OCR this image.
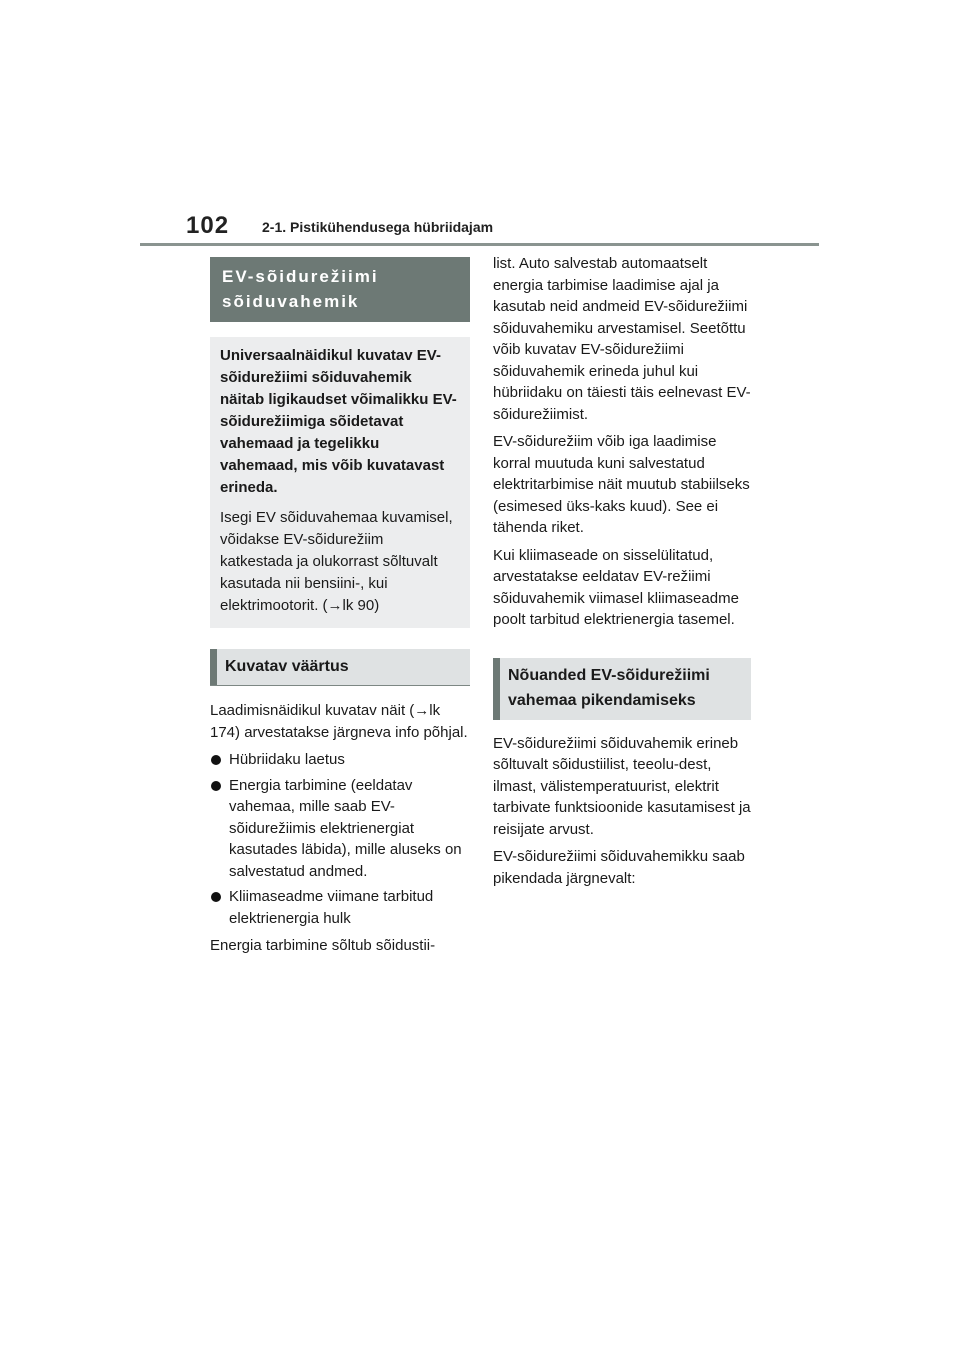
102 2-1. Pistikühendusega hübriidajam
EV-sõidurežiimi sõiduvahemik

Universaalnäidikul kuvatav EV-sõidurežiimi sõiduvahemik näitab ligikaudset võimalikku EV-sõidurežiimiga sõidetavat vahemaad ja tegelikku vahemaad, mis võib kuvatavast erineda.

Isegi EV sõiduvahemaa kuvamisel, võidakse EV-sõidurežiim katkestada ja olukorrast sõltuvalt kasutada nii bensiini-, kui elektrimootorit. (→lk 90)

Kuvatav väärtus

Laadimisnäidikul kuvatav näit (→lk 174) arvestatakse järgneva info põhjal.

Hübriidaku laetus
Energia tarbimine (eeldatav vahemaa, mille saab EV-sõidurežiimis elektrienergiat kasutades läbida), mille aluseks on salvestatud andmed.
Kliimaseadme viimane tarbitud elektrienergia hulk

Energia tarbimine sõltub sõidustii-

list. Auto salvestab automaatselt energia tarbimise laadimise ajal ja kasutab neid andmeid EV-sõidurežiimi sõiduvahemiku arvestamisel. Seetõttu võib kuvatav EV-sõidurežiimi sõiduvahemik erineda juhul kui hübriidaku on täiesti täis eelnevast EV-sõidurežiimist.

EV-sõidurežiim võib iga laadimise korral muutuda kuni salvestatud elektritarbimise näit muutub stabiilseks (esimesed üks-kaks kuud). See ei tähenda riket.

Kui kliimaseade on sisselülitatud, arvestatakse eeldatav EV-režiimi sõiduvahemik viimasel kliimaseadme poolt tarbitud elektrienergia tasemel.

Nõuanded EV-sõidurežiimi vahemaa pikendamiseks

EV-sõidurežiimi sõiduvahemik erineb sõltuvalt sõidustiilist, teeolu-dest, ilmast, välistemperatuurist, elektrit tarbivate funktsioonide kasutamisest ja reisijate arvust.

EV-sõidurežiimi sõiduvahemikku saab pikendada järgnevalt:
